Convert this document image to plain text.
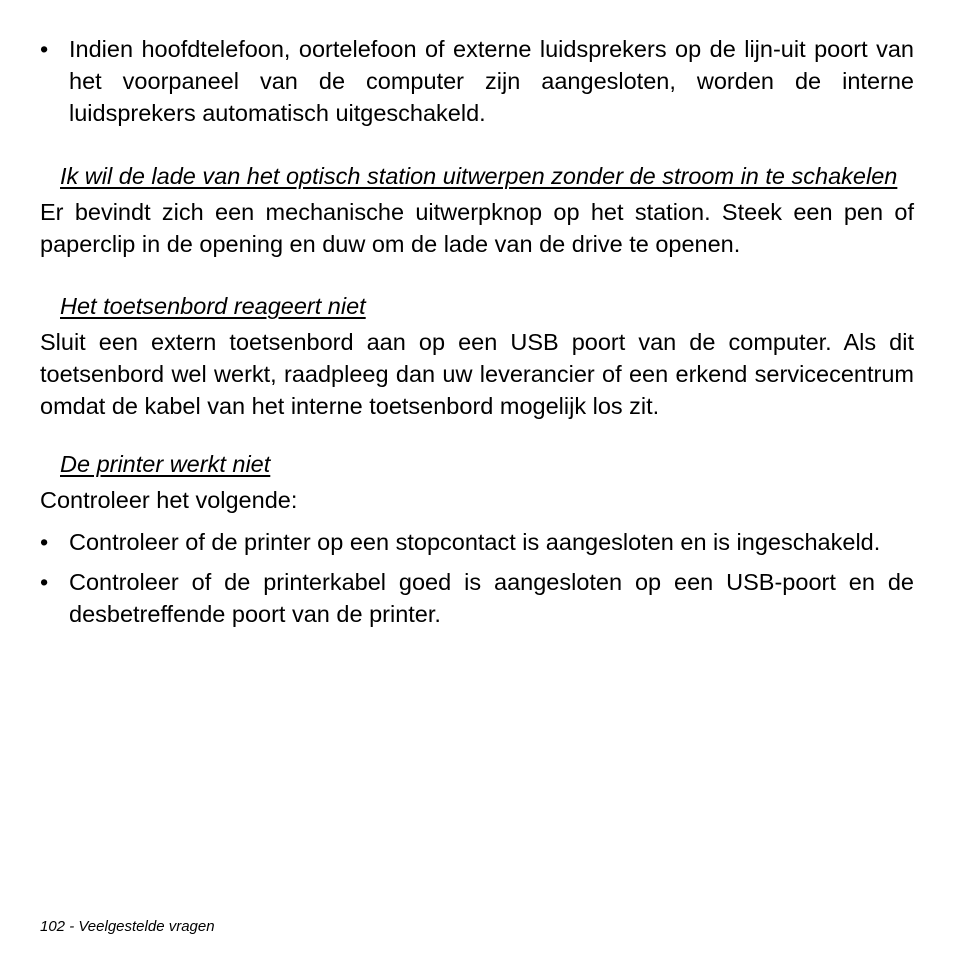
• Indien hoofdtelefoon, oortelefoon of externe luidsprekers op de lijn-uit poort van het voorpaneel van de computer zijn aangesloten, worden de interne luidsprekers automatisch uitgeschakeld.

Ik wil de lade van het optisch station uitwerpen zonder de stroom in te schakelen

Er bevindt zich een mechanische uitwerpknop op het station. Steek een pen of paperclip in de opening en duw om de lade van de drive te openen.

Het toetsenbord reageert niet

Sluit een extern toetsenbord aan op een USB poort van de computer. Als dit toetsenbord wel werkt, raadpleeg dan uw leverancier of een erkend servicecentrum omdat de kabel van het interne toetsenbord mogelijk los zit.

De printer werkt niet

Controleer het volgende:

• Controleer of de printer op een stopcontact is aangesloten en is ingeschakeld.
• Controleer of de printerkabel goed is aangesloten op een USB-poort en de desbetreffende poort van de printer.
102 - Veelgestelde vragen
